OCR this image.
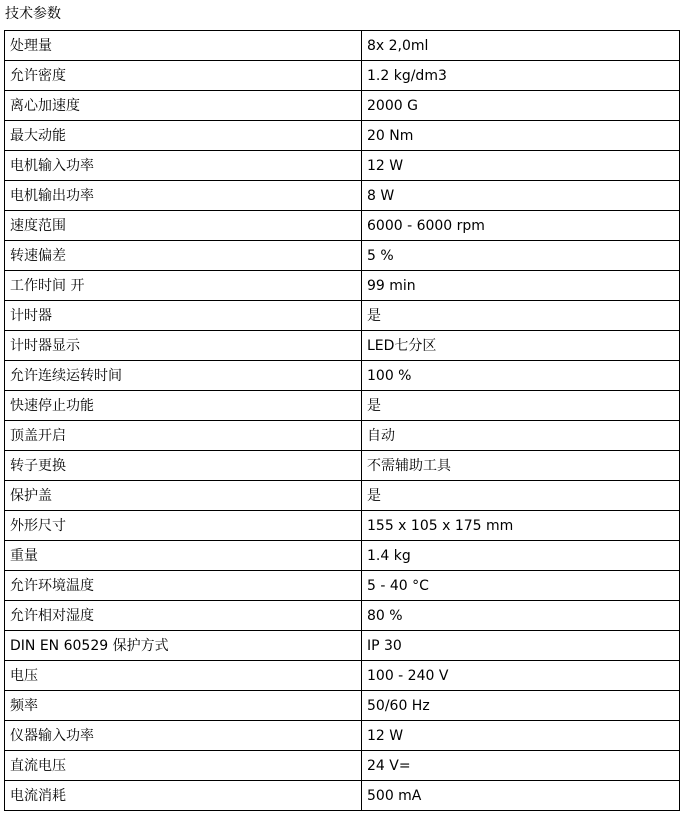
技术参数
处理量	8x 2,0ml
允许密度	1.2 kg/dm3
离心加速度	2000 G
最大动能	20 Nm
电机输入功率	12 W
电机输出功率	8 W
速度范围	6000 - 6000 rpm
转速偏差	5 %
工作时间 开	99 min
计时器	是
计时器显示	LED七分区
允许连续运转时间	100 %
快速停止功能	是
顶盖开启	自动
转子更换	不需辅助工具
保护盖	是
外形尺寸	155 x 105 x 175 mm
重量	1.4 kg
允许环境温度	5 - 40 °C
允许相对湿度	80 %
DIN EN 60529 保护方式	IP 30
电压	100 - 240 V
频率	50/60 Hz
仪器输入功率	12 W
直流电压	24 V=
电流消耗	500 mA
